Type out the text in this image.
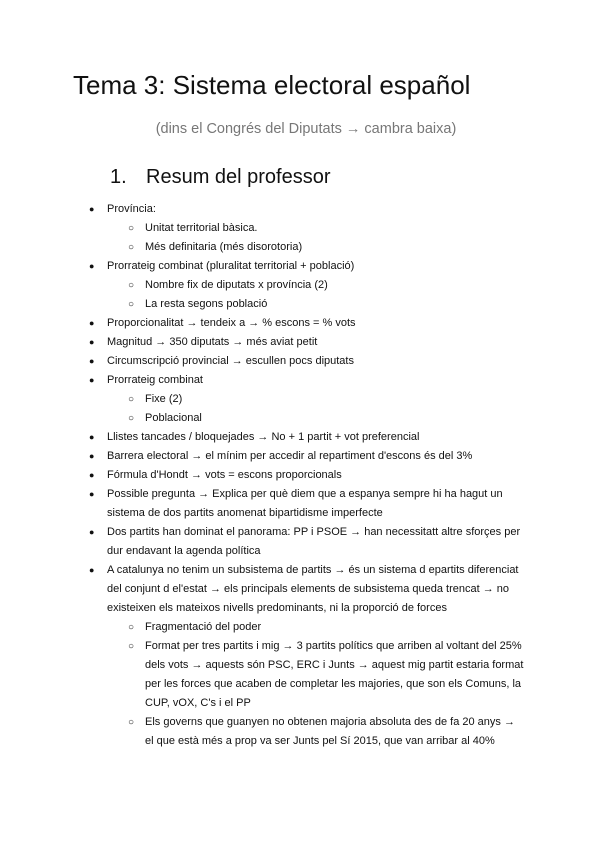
Tema 3: Sistema electoral español

(dins el Congrés del Diputats → cambra baixa)

1. Resum del professor
● Província:
○ Unitat territorial bàsica.
○ Més definitaria (més disorotoria)
● Prorrateig combinat (pluralitat territorial + població)
○ Nombre fix de diputats x província (2)
○ La resta segons població
● Proporcionalitat → tendeix a → % escons = % vots
● Magnitud → 350 diputats → més aviat petit
● Circumscripció provincial → escullen pocs diputats
● Prorrateig combinat
○ Fixe (2)
○ Poblacional
● Llistes tancades / bloquejades → No + 1 partit + vot preferencial
● Barrera electoral → el mínim per accedir al repartiment d'escons és del 3%
● Fórmula d'Hondt → vots = escons proporcionals
● Possible pregunta → Explica per què diem que a espanya sempre hi ha hagut un
sistema de dos partits anomenat bipartidisme imperfecte
● Dos partits han dominat el panorama: PP i PSOE → han necessitatt altre sforçes per
dur endavant la agenda política
● A catalunya no tenim un subsistema de partits → és un sistema d epartits diferenciat
del conjunt d el'estat → els principals elements de subsistema queda trencat → no
existeixen els mateixos nivells predominants, ni la proporció de forces
○ Fragmentació del poder
○ Format per tres partits i mig → 3 partits polítics que arriben al voltant del 25%
dels vots → aquests són PSC, ERC i Junts → aquest mig partit estaria format
per les forces que acaben de completar les majories, que son els Comuns, la
CUP, vOX, C's i el PP
○ Els governs que guanyen no obtenen majoria absoluta des de fa 20 anys →
el que està més a prop va ser Junts pel Sí 2015, que van arribar al 40%
